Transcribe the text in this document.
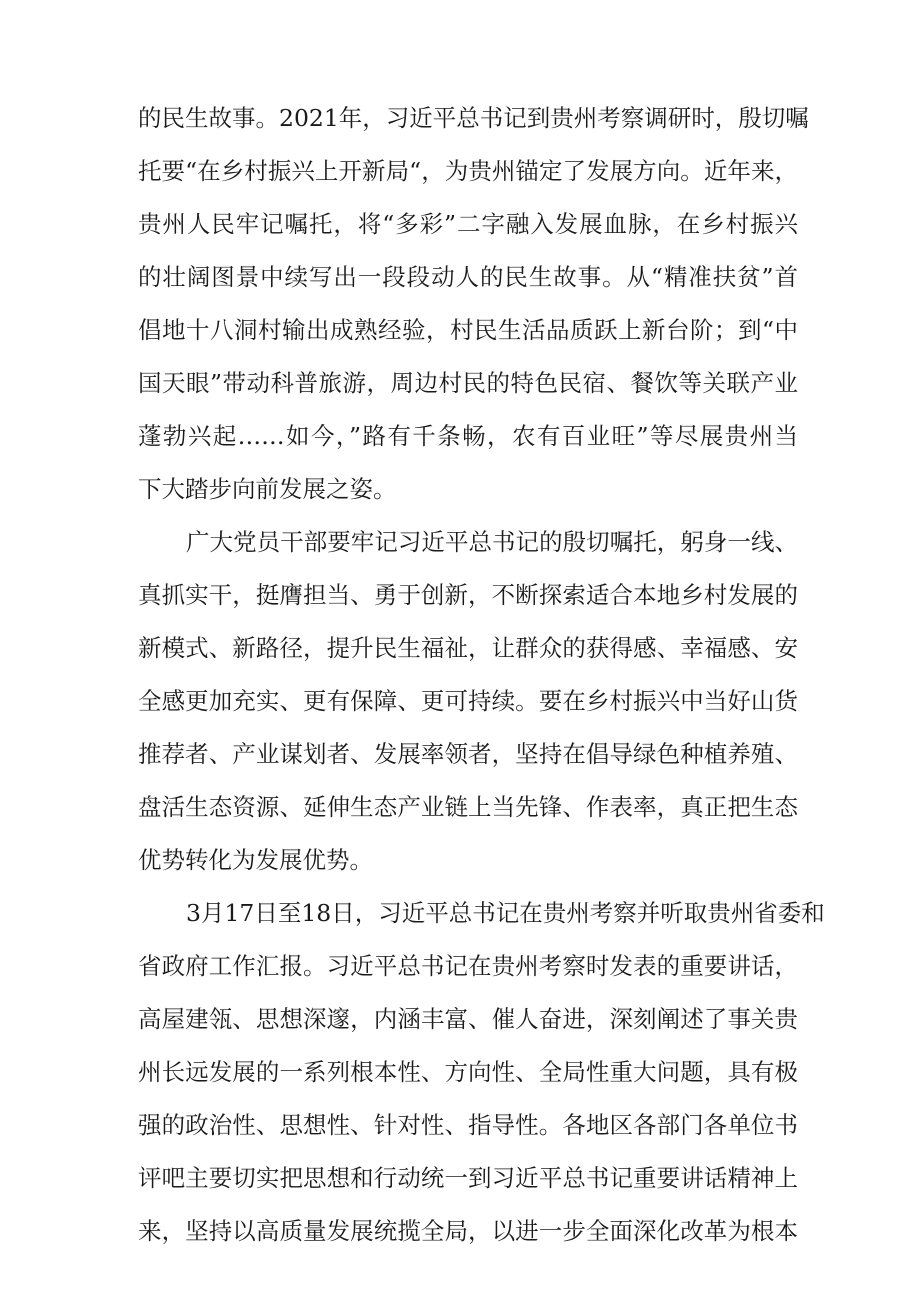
的民生故事。2021年，习近平总书记到贵州考察调研时，殷切嘱
托要“在乡村振兴上开新局“，为贵州锚定了发展方向。近年来，
贵州人民牢记嘱托，将“多彩”二字融入发展血脉，在乡村振兴
的壮阔图景中续写出一段段动人的民生故事。从“精准扶贫”首
倡地十八洞村输出成熟经验，村民生活品质跃上新台阶；到“中
国天眼”带动科普旅游，周边村民的特色民宿、餐饮等关联产业
蓬勃兴起……如今，”路有千条畅，农有百业旺”等尽展贵州当
下大踏步向前发展之姿。
广大党员干部要牢记习近平总书记的殷切嘱托，躬身一线、
真抓实干，挺膺担当、勇于创新，不断探索适合本地乡村发展的
新模式、新路径，提升民生福祉，让群众的获得感、幸福感、安
全感更加充实、更有保障、更可持续。要在乡村振兴中当好山货
推荐者、产业谋划者、发展率领者，坚持在倡导绿色种植养殖、
盘活生态资源、延伸生态产业链上当先锋、作表率，真正把生态
优势转化为发展优势。
3月17日至18日，习近平总书记在贵州考察并听取贵州省委和
省政府工作汇报。习近平总书记在贵州考察时发表的重要讲话，
高屋建瓴、思想深邃，内涵丰富、催人奋进，深刻阐述了事关贵
州长远发展的一系列根本性、方向性、全局性重大问题，具有极
强的政治性、思想性、针对性、指导性。各地区各部门各单位书
评吧主要切实把思想和行动统一到习近平总书记重要讲话精神上
来，坚持以高质量发展统揽全局，以进一步全面深化改革为根本
